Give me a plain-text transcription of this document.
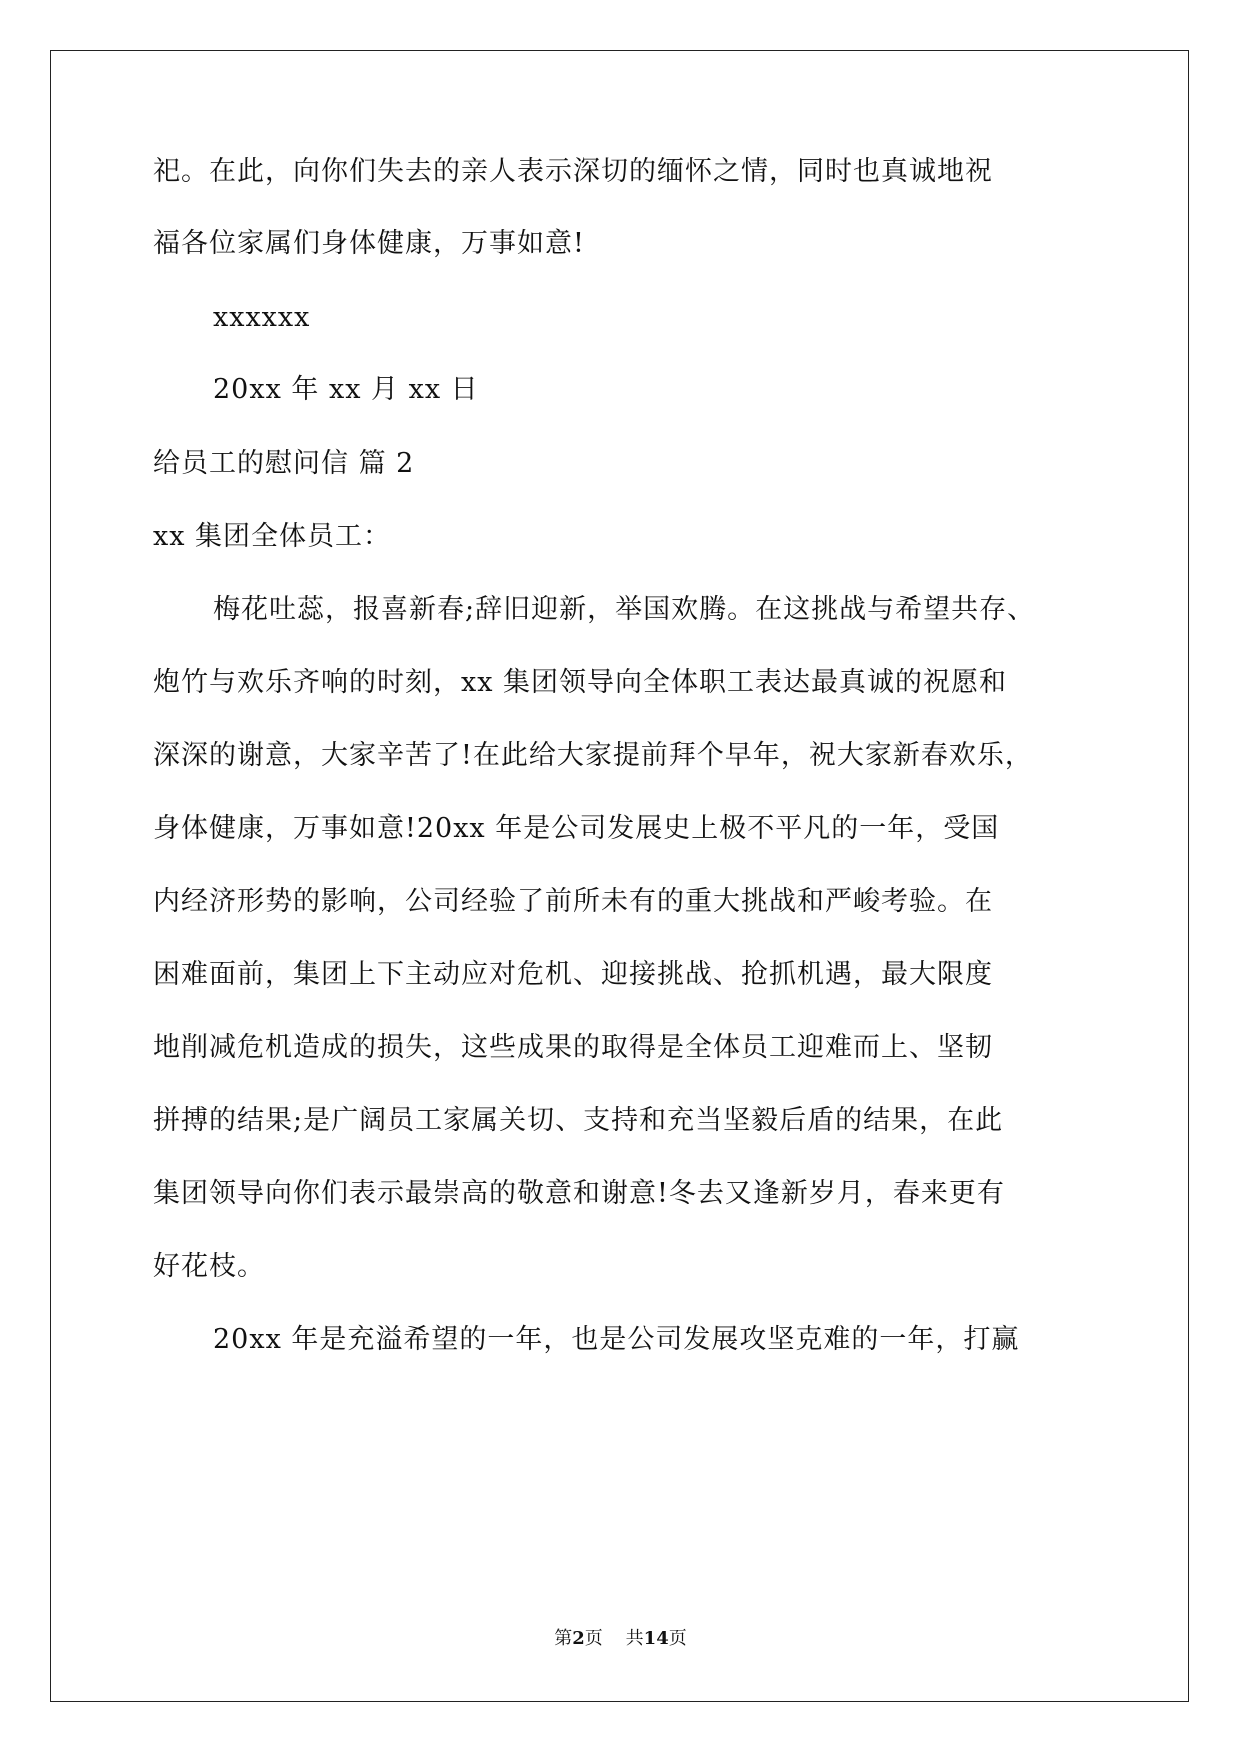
祀。在此，向你们失去的亲人表示深切的缅怀之情，同时也真诚地祝
福各位家属们身体健康，万事如意!
xxxxxx
20xx 年 xx 月 xx 日
给员工的慰问信 篇 2
xx 集团全体员工：
梅花吐蕊，报喜新春;辞旧迎新，举国欢腾。在这挑战与希望共存、
炮竹与欢乐齐响的时刻，xx 集团领导向全体职工表达最真诚的祝愿和
深深的谢意，大家辛苦了!在此给大家提前拜个早年，祝大家新春欢乐，
身体健康，万事如意!20xx 年是公司发展史上极不平凡的一年，受国
内经济形势的影响，公司经验了前所未有的重大挑战和严峻考验。在
困难面前，集团上下主动应对危机、迎接挑战、抢抓机遇，最大限度
地削减危机造成的损失，这些成果的取得是全体员工迎难而上、坚韧
拼搏的结果;是广阔员工家属关切、支持和充当坚毅后盾的结果，在此
集团领导向你们表示最崇高的敬意和谢意!冬去又逢新岁月，春来更有
好花枝。
20xx 年是充溢希望的一年，也是公司发展攻坚克难的一年，打赢
第2页 共14页
